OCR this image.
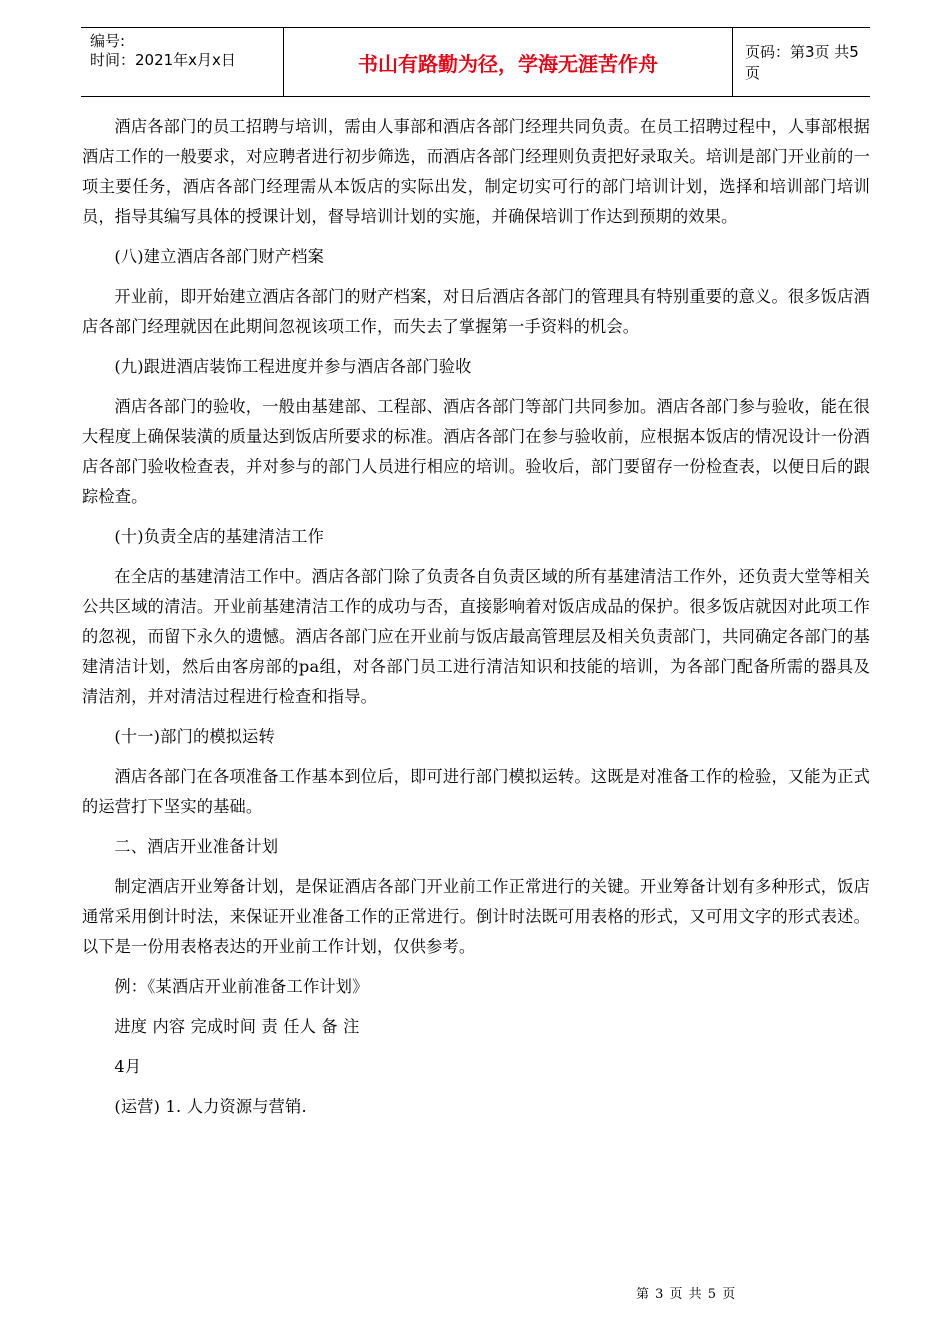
编号:
时间：2021年x月x日	书山有路勤为径，学海无涯苦作舟	页码：第3页 共5页

酒店各部门的员工招聘与培训，需由人事部和酒店各部门经理共同负责。在员工招聘过程中，人事部根据酒店工作的一般要求，对应聘者进行初步筛选，而酒店各部门经理则负责把好录取关。培训是部门开业前的一项主要任务，酒店各部门经理需从本饭店的实际出发，制定切实可行的部门培训计划，选择和培训部门培训员，指导其编写具体的授课计划，督导培训计划的实施，并确保培训丁作达到预期的效果。

(八)建立酒店各部门财产档案

开业前，即开始建立酒店各部门的财产档案，对日后酒店各部门的管理具有特别重要的意义。很多饭店酒店各部门经理就因在此期间忽视该项工作，而失去了掌握第一手资料的机会。

(九)跟进酒店装饰工程进度并参与酒店各部门验收

酒店各部门的验收，一般由基建部、工程部、酒店各部门等部门共同参加。酒店各部门参与验收，能在很大程度上确保装潢的质量达到饭店所要求的标准。酒店各部门在参与验收前，应根据本饭店的情况设计一份酒店各部门验收检查表，并对参与的部门人员进行相应的培训。验收后，部门要留存一份检查表，以便日后的跟踪检查。

(十)负责全店的基建清洁工作

在全店的基建清洁工作中。酒店各部门除了负责各自负责区域的所有基建清洁工作外，还负责大堂等相关公共区域的清洁。开业前基建清洁工作的成功与否，直接影响着对饭店成品的保护。很多饭店就因对此项工作的忽视，而留下永久的遗憾。酒店各部门应在开业前与饭店最高管理层及相关负责部门，共同确定各部门的基建清洁计划，然后由客房部的pa组，对各部门员工进行清洁知识和技能的培训，为各部门配备所需的器具及清洁剂，并对清洁过程进行检查和指导。

(十一)部门的模拟运转

酒店各部门在各项准备工作基本到位后，即可进行部门模拟运转。这既是对准备工作的检验，又能为正式的运营打下坚实的基础。

二、酒店开业准备计划

制定酒店开业筹备计划，是保证酒店各部门开业前工作正常进行的关键。开业筹备计划有多种形式，饭店通常采用倒计时法，来保证开业准备工作的正常进行。倒计时法既可用表格的形式，又可用文字的形式表述。以下是一份用表格表达的开业前工作计划，仅供参考。

例：《某酒店开业前准备工作计划》

进度 内容 完成时间 责 任人 备 注

4月

(运营) 1. 人力资源与营销.

第 3 页 共 5 页
